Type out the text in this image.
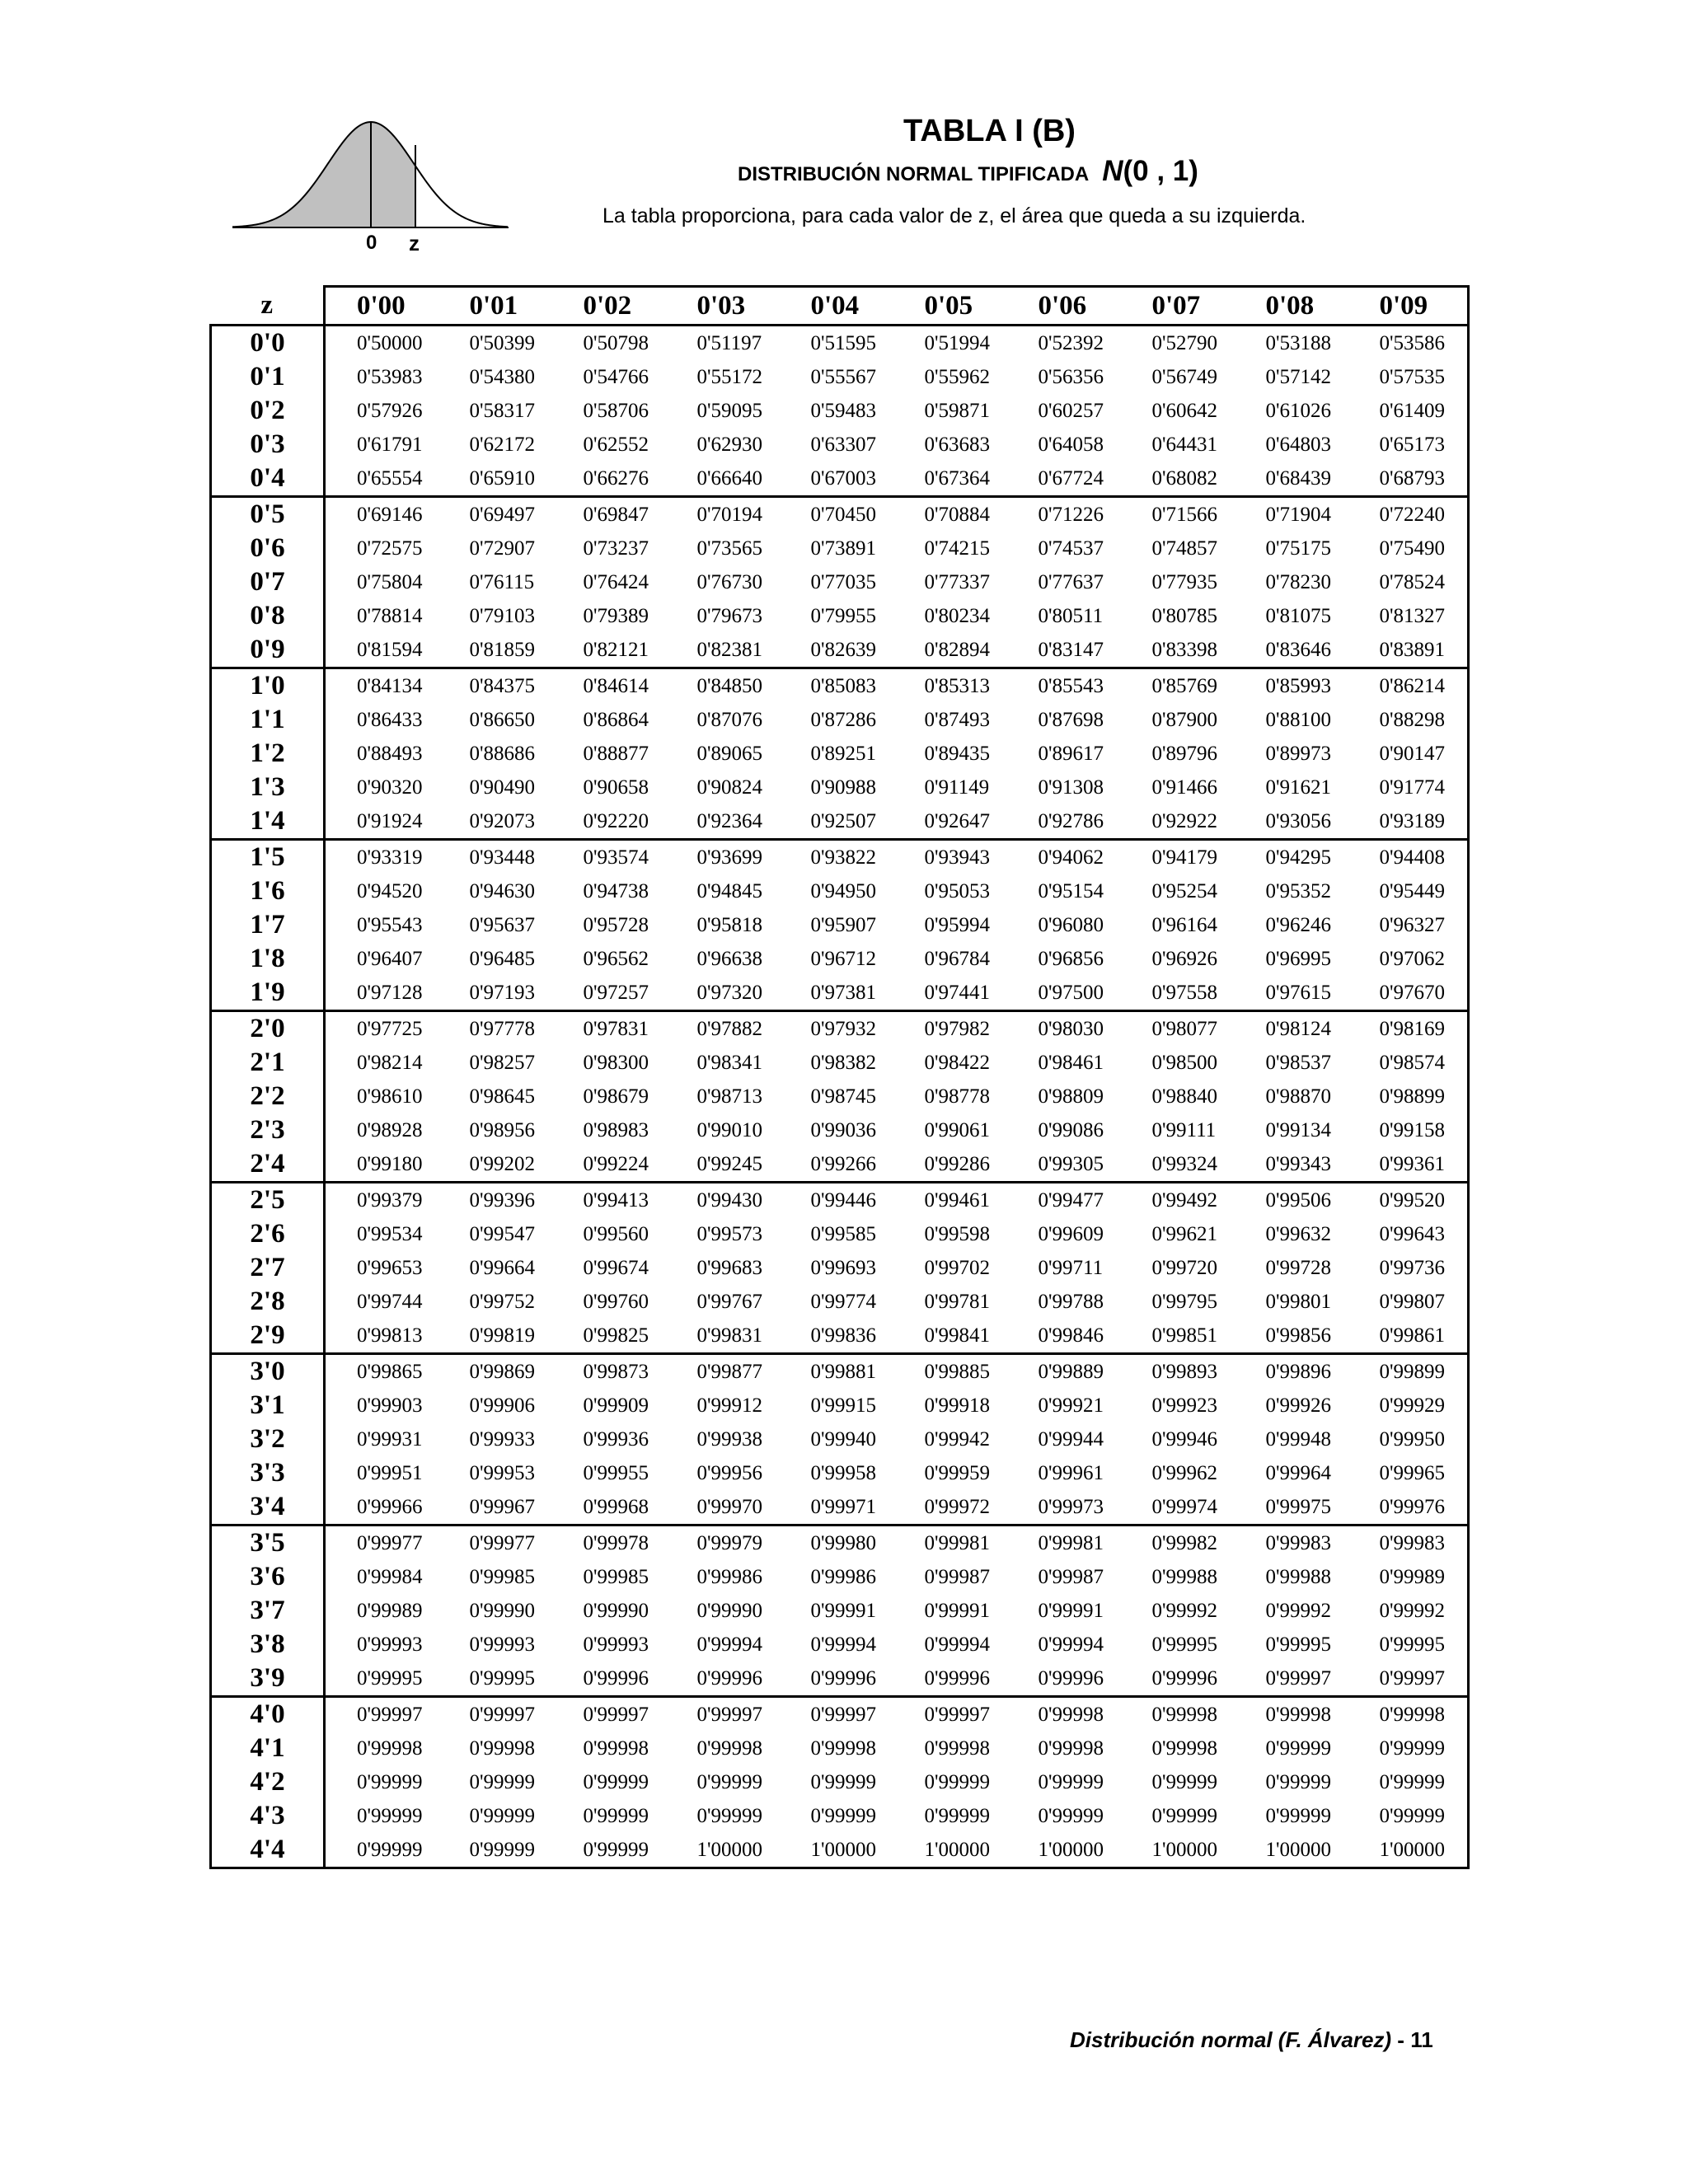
0 z
TABLA I (B)
DISTRIBUCIÓN NORMAL TIPIFICADA N(0 , 1)
La tabla proporciona, para cada valor de z, el área que queda a su izquierda.
z	0'00	0'01	0'02	0'03	0'04	0'05	0'06	0'07	0'08	0'09
0'0	0'50000	0'50399	0'50798	0'51197	0'51595	0'51994	0'52392	0'52790	0'53188	0'53586
0'1	0'53983	0'54380	0'54766	0'55172	0'55567	0'55962	0'56356	0'56749	0'57142	0'57535
0'2	0'57926	0'58317	0'58706	0'59095	0'59483	0'59871	0'60257	0'60642	0'61026	0'61409
0'3	0'61791	0'62172	0'62552	0'62930	0'63307	0'63683	0'64058	0'64431	0'64803	0'65173
0'4	0'65554	0'65910	0'66276	0'66640	0'67003	0'67364	0'67724	0'68082	0'68439	0'68793
0'5	0'69146	0'69497	0'69847	0'70194	0'70450	0'70884	0'71226	0'71566	0'71904	0'72240
0'6	0'72575	0'72907	0'73237	0'73565	0'73891	0'74215	0'74537	0'74857	0'75175	0'75490
0'7	0'75804	0'76115	0'76424	0'76730	0'77035	0'77337	0'77637	0'77935	0'78230	0'78524
0'8	0'78814	0'79103	0'79389	0'79673	0'79955	0'80234	0'80511	0'80785	0'81075	0'81327
0'9	0'81594	0'81859	0'82121	0'82381	0'82639	0'82894	0'83147	0'83398	0'83646	0'83891
1'0	0'84134	0'84375	0'84614	0'84850	0'85083	0'85313	0'85543	0'85769	0'85993	0'86214
1'1	0'86433	0'86650	0'86864	0'87076	0'87286	0'87493	0'87698	0'87900	0'88100	0'88298
1'2	0'88493	0'88686	0'88877	0'89065	0'89251	0'89435	0'89617	0'89796	0'89973	0'90147
1'3	0'90320	0'90490	0'90658	0'90824	0'90988	0'91149	0'91308	0'91466	0'91621	0'91774
1'4	0'91924	0'92073	0'92220	0'92364	0'92507	0'92647	0'92786	0'92922	0'93056	0'93189
1'5	0'93319	0'93448	0'93574	0'93699	0'93822	0'93943	0'94062	0'94179	0'94295	0'94408
1'6	0'94520	0'94630	0'94738	0'94845	0'94950	0'95053	0'95154	0'95254	0'95352	0'95449
1'7	0'95543	0'95637	0'95728	0'95818	0'95907	0'95994	0'96080	0'96164	0'96246	0'96327
1'8	0'96407	0'96485	0'96562	0'96638	0'96712	0'96784	0'96856	0'96926	0'96995	0'97062
1'9	0'97128	0'97193	0'97257	0'97320	0'97381	0'97441	0'97500	0'97558	0'97615	0'97670
2'0	0'97725	0'97778	0'97831	0'97882	0'97932	0'97982	0'98030	0'98077	0'98124	0'98169
2'1	0'98214	0'98257	0'98300	0'98341	0'98382	0'98422	0'98461	0'98500	0'98537	0'98574
2'2	0'98610	0'98645	0'98679	0'98713	0'98745	0'98778	0'98809	0'98840	0'98870	0'98899
2'3	0'98928	0'98956	0'98983	0'99010	0'99036	0'99061	0'99086	0'99111	0'99134	0'99158
2'4	0'99180	0'99202	0'99224	0'99245	0'99266	0'99286	0'99305	0'99324	0'99343	0'99361
2'5	0'99379	0'99396	0'99413	0'99430	0'99446	0'99461	0'99477	0'99492	0'99506	0'99520
2'6	0'99534	0'99547	0'99560	0'99573	0'99585	0'99598	0'99609	0'99621	0'99632	0'99643
2'7	0'99653	0'99664	0'99674	0'99683	0'99693	0'99702	0'99711	0'99720	0'99728	0'99736
2'8	0'99744	0'99752	0'99760	0'99767	0'99774	0'99781	0'99788	0'99795	0'99801	0'99807
2'9	0'99813	0'99819	0'99825	0'99831	0'99836	0'99841	0'99846	0'99851	0'99856	0'99861
3'0	0'99865	0'99869	0'99873	0'99877	0'99881	0'99885	0'99889	0'99893	0'99896	0'99899
3'1	0'99903	0'99906	0'99909	0'99912	0'99915	0'99918	0'99921	0'99923	0'99926	0'99929
3'2	0'99931	0'99933	0'99936	0'99938	0'99940	0'99942	0'99944	0'99946	0'99948	0'99950
3'3	0'99951	0'99953	0'99955	0'99956	0'99958	0'99959	0'99961	0'99962	0'99964	0'99965
3'4	0'99966	0'99967	0'99968	0'99970	0'99971	0'99972	0'99973	0'99974	0'99975	0'99976
3'5	0'99977	0'99977	0'99978	0'99979	0'99980	0'99981	0'99981	0'99982	0'99983	0'99983
3'6	0'99984	0'99985	0'99985	0'99986	0'99986	0'99987	0'99987	0'99988	0'99988	0'99989
3'7	0'99989	0'99990	0'99990	0'99990	0'99991	0'99991	0'99991	0'99992	0'99992	0'99992
3'8	0'99993	0'99993	0'99993	0'99994	0'99994	0'99994	0'99994	0'99995	0'99995	0'99995
3'9	0'99995	0'99995	0'99996	0'99996	0'99996	0'99996	0'99996	0'99996	0'99997	0'99997
4'0	0'99997	0'99997	0'99997	0'99997	0'99997	0'99997	0'99998	0'99998	0'99998	0'99998
4'1	0'99998	0'99998	0'99998	0'99998	0'99998	0'99998	0'99998	0'99998	0'99999	0'99999
4'2	0'99999	0'99999	0'99999	0'99999	0'99999	0'99999	0'99999	0'99999	0'99999	0'99999
4'3	0'99999	0'99999	0'99999	0'99999	0'99999	0'99999	0'99999	0'99999	0'99999	0'99999
4'4	0'99999	0'99999	0'99999	1'00000	1'00000	1'00000	1'00000	1'00000	1'00000	1'00000
Distribución normal (F. Álvarez) - 11
